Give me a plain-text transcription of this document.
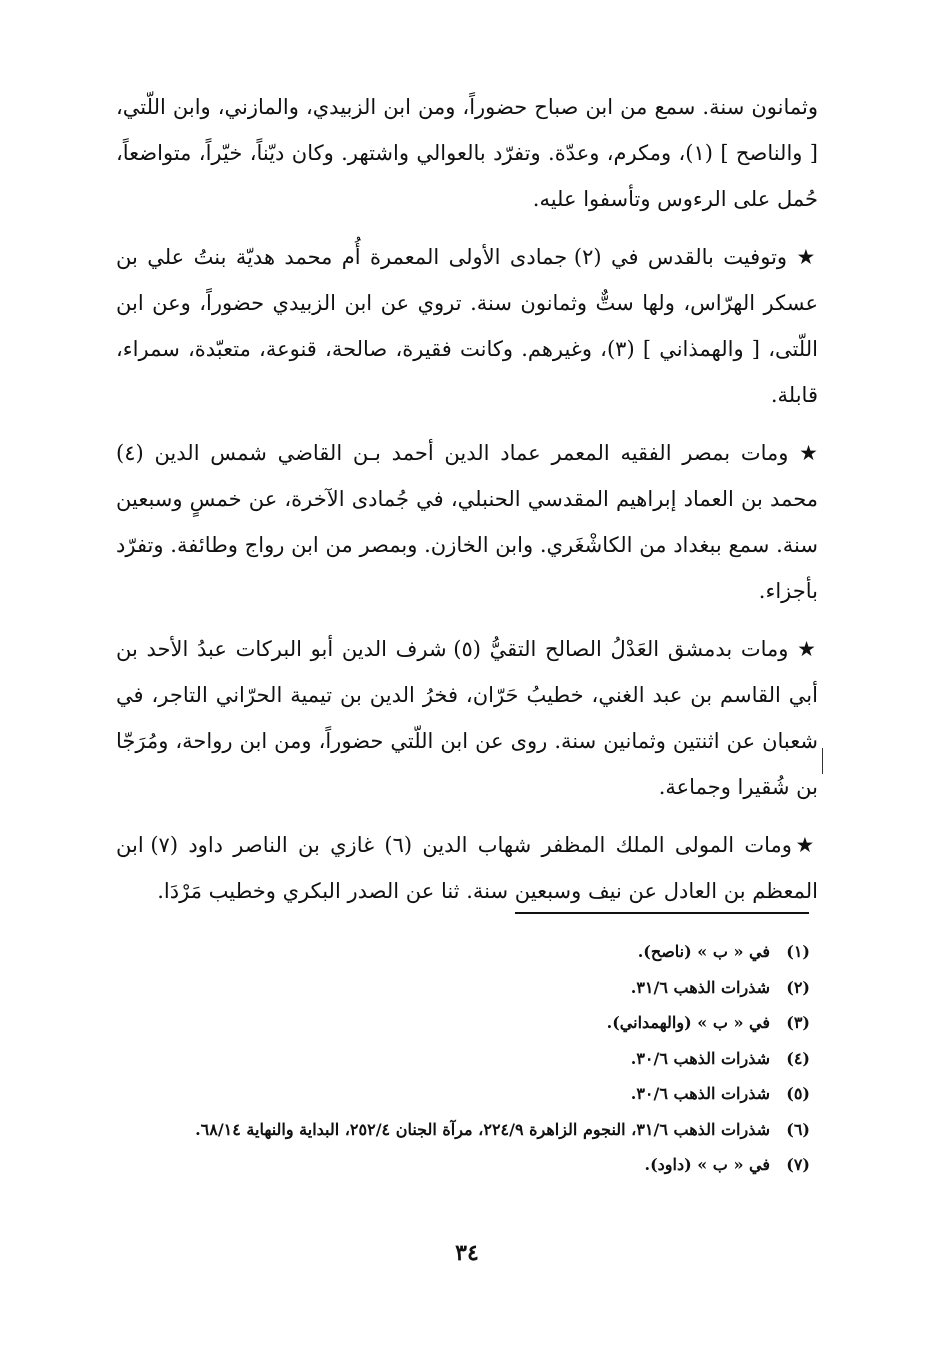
وثمانون سنة. سمع من ابن صباح حضوراً، ومن ابن الزبيدي، والمازني، وابن اللّتي، [ والناصح ] (١)، ومكرم، وعدّة. وتفرّد بالعوالي واشتهر. وكان ديّناً، خيّراً، متواضعاً، حُمل على الرءوس وتأسفوا عليه.

★ وتوفيت بالقدس في (٢) جمادى الأولى المعمرة أُم محمد هديّة بنتُ علي بن عسكر الهرّاس، ولها ستٌّ وثمانون سنة. تروي عن ابن الزبيدي حضوراً، وعن ابن اللّتى، [ والهمذاني ] (٣)، وغيرهم. وكانت فقيرة، صالحة، قنوعة، متعبّدة، سمراء، قابلة.

★ ومات بمصر الفقيه المعمر عماد الدين أحمد بـن القاضي شمس الدين (٤) محمد بن العماد إبراهيم المقدسي الحنبلي، في جُمادى الآخرة، عن خمسٍ وسبعين سنة. سمع ببغداد من الكاشْغَري. وابن الخازن. وبمصر من ابن رواج وطائفة. وتفرّد بأجزاء.

★ ومات بدمشق العَدْلُ الصالح التقيُّ (٥) شرف الدين أبو البركات عبدُ الأحد بن أبي القاسم بن عبد الغني، خطيبُ حَرّان، فخرُ الدين بن تيمية الحرّاني التاجر، في شعبان عن اثنتين وثمانين سنة. روى عن ابن اللّتي حضوراً، ومن ابن رواحة، ومُرَجّا بن شُقيرا وجماعة.

★ومات المولى الملك المظفر شهاب الدين (٦) غازي بن الناصر داود (٧) ابن المعظم بن العادل عن نيف وسبعين سنة. ثنا عن الصدر البكري وخطيب مَرْدَا.

(١)
في « ب » (ناصح).
(٢)
شذرات الذهب ٣١/٦.
(٣)
في « ب » (والهمداني).
(٤)
شذرات الذهب ٣٠/٦.
(٥)
شذرات الذهب ٣٠/٦.
(٦)
شذرات الذهب ٣١/٦، النجوم الزاهرة ٢٢٤/٩، مرآة الجنان ٢٥٢/٤، البداية والنهاية ٦٨/١٤.
(٧)
في « ب » (داود).
٣٤
